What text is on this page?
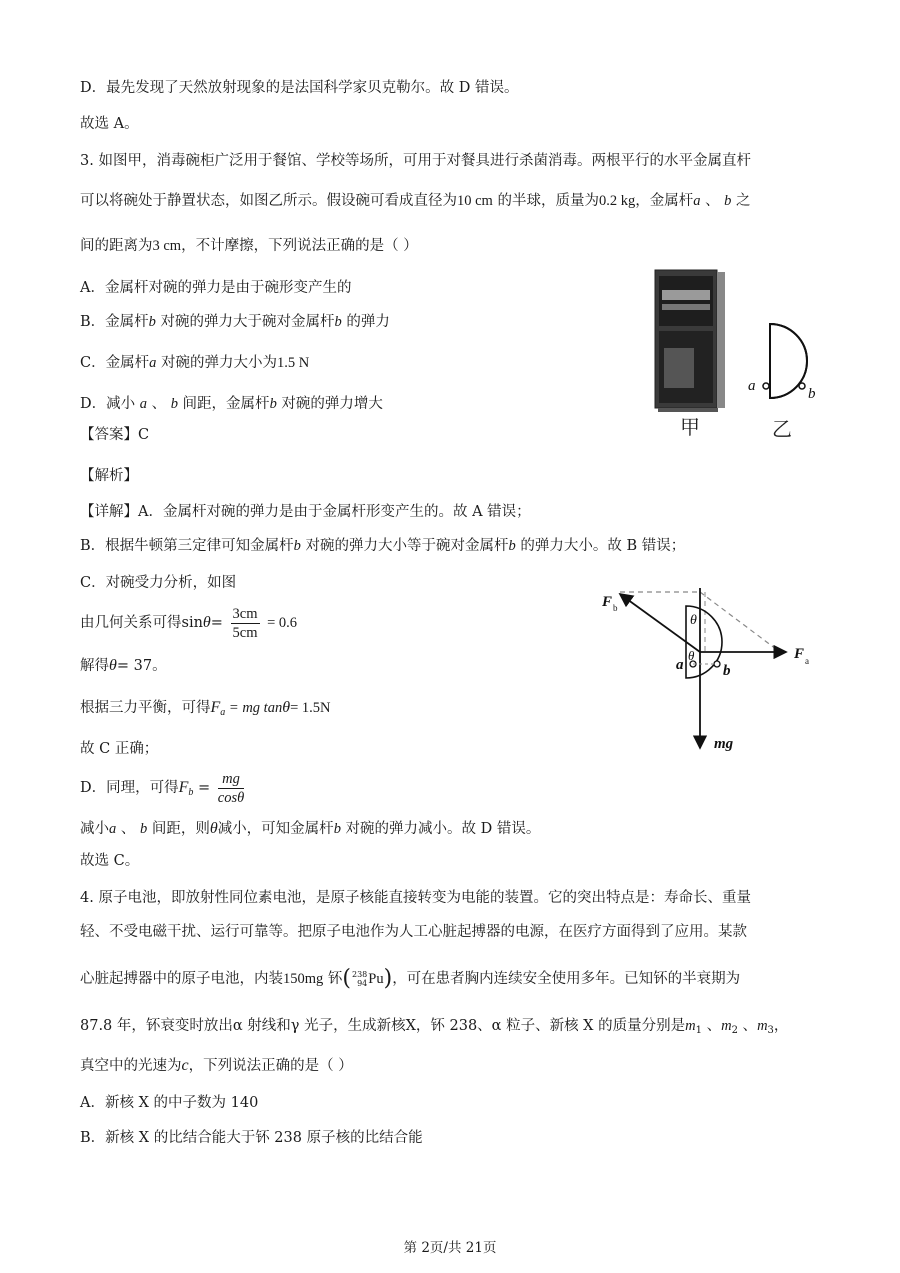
D．最先发现了天然放射现象的是法国科学家贝克勒尔。故 D 错误。
故选 A。
3. 如图甲，消毒碗柜广泛用于餐馆、学校等场所，可用于对餐具进行杀菌消毒。两根平行的水平金属直杆
可以将碗处于静置状态，如图乙所示。假设碗可看成直径为10 cm 的半球，质量为0.2 kg，金属杆a 、 b 之
间的距离为3 cm，不计摩擦，下列说法正确的是（ ）
A．金属杆对碗的弹力是由于碗形变产生的
B．金属杆b 对碗的弹力大于碗对金属杆b 的弹力
C．金属杆a 对碗的弹力大小为1.5 N
D．减小 a 、 b 间距，金属杆b 对碗的弹力增大
【答案】C
【解析】
【详解】A．金属杆对碗的弹力是由于金属杆形变产生的。故 A 错误；
B．根据牛顿第三定律可知金属杆b 对碗的弹力大小等于碗对金属杆b 的弹力大小。故 B 错误；
C．对碗受力分析，如图
由几何关系可得$\sin\theta= \frac{3cm}{5cm} = 0.6$
解得θ= 37。
根据三力平衡，可得$F_a$ = mg tanθ= 1.5N
故 C 正确；
D．同理，可得$F_b = \frac{mg}{\cos\theta}$
减小a 、 b 间距，则θ减小，可知金属杆b 对碗的弹力减小。故 D 错误。
故选 C。
4. 原子电池，即放射性同位素电池，是原子核能直接转变为电能的装置。它的突出特点是：寿命长、重量
轻、不受电磁干扰、运行可靠等。把原子电池作为人工心脏起搏器的电源，在医疗方面得到了应用。某款
心脏起搏器中的原子电池，内装150mg 钚( 238
94 Pu)，可在患者胸内连续安全使用多年。已知钚的半衰期为
87.8 年，钚衰变时放出α 射线和γ 光子，生成新核X，钚 238、α 粒子、新核 X 的质量分别是$m_1$ 、$m_2$ 、$m_3$，
真空中的光速为c，下列说法正确的是（ ）
A．新核 X 的中子数为 140
B．新核 X 的比结合能大于钚 238 原子核的比结合能
甲
a	b
乙
F b
F a
θ
θ
a	b
mg
第 2页/共 21页
